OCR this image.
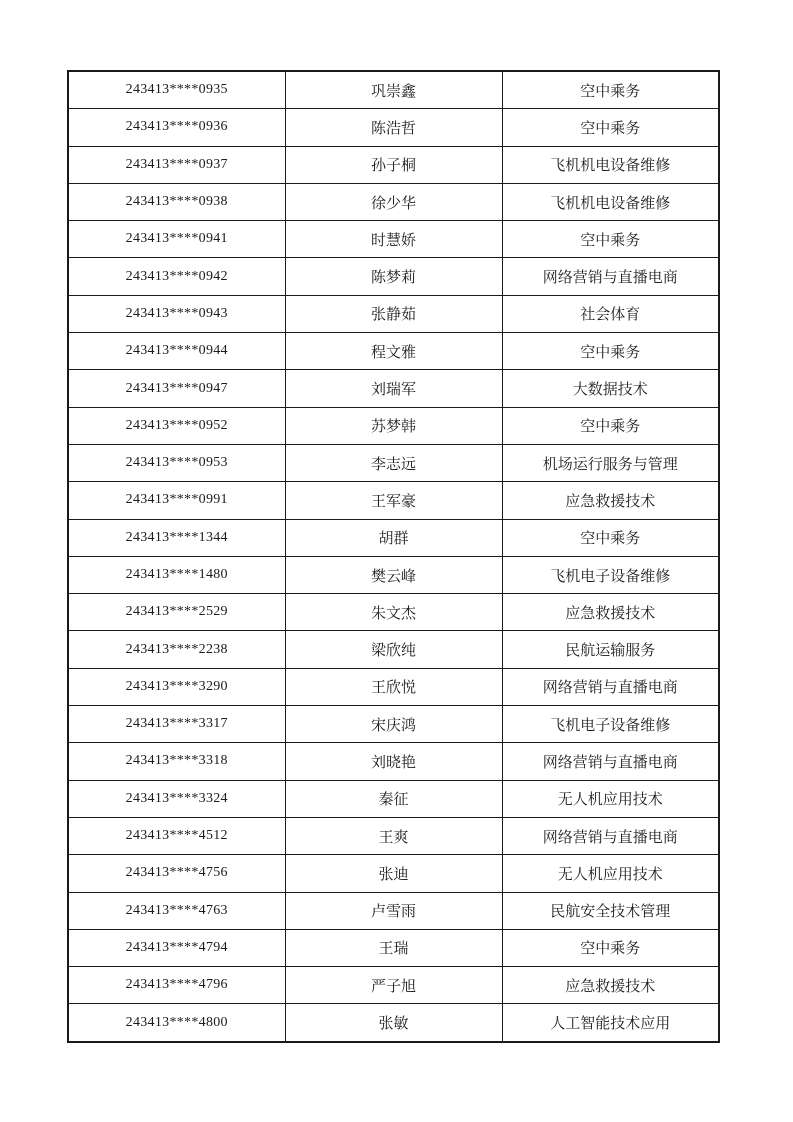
243413****0935	巩崇鑫	空中乘务
243413****0936	陈浩哲	空中乘务
243413****0937	孙子桐	飞机机电设备维修
243413****0938	徐少华	飞机机电设备维修
243413****0941	时慧娇	空中乘务
243413****0942	陈梦莉	网络营销与直播电商
243413****0943	张静茹	社会体育
243413****0944	程文雅	空中乘务
243413****0947	刘瑞军	大数据技术
243413****0952	苏梦韩	空中乘务
243413****0953	李志远	机场运行服务与管理
243413****0991	王军豪	应急救援技术
243413****1344	胡群	空中乘务
243413****1480	樊云峰	飞机电子设备维修
243413****2529	朱文杰	应急救援技术
243413****2238	梁欣纯	民航运输服务
243413****3290	王欣悦	网络营销与直播电商
243413****3317	宋庆鸿	飞机电子设备维修
243413****3318	刘晓艳	网络营销与直播电商
243413****3324	秦征	无人机应用技术
243413****4512	王爽	网络营销与直播电商
243413****4756	张迪	无人机应用技术
243413****4763	卢雪雨	民航安全技术管理
243413****4794	王瑞	空中乘务
243413****4796	严子旭	应急救援技术
243413****4800	张敏	人工智能技术应用
